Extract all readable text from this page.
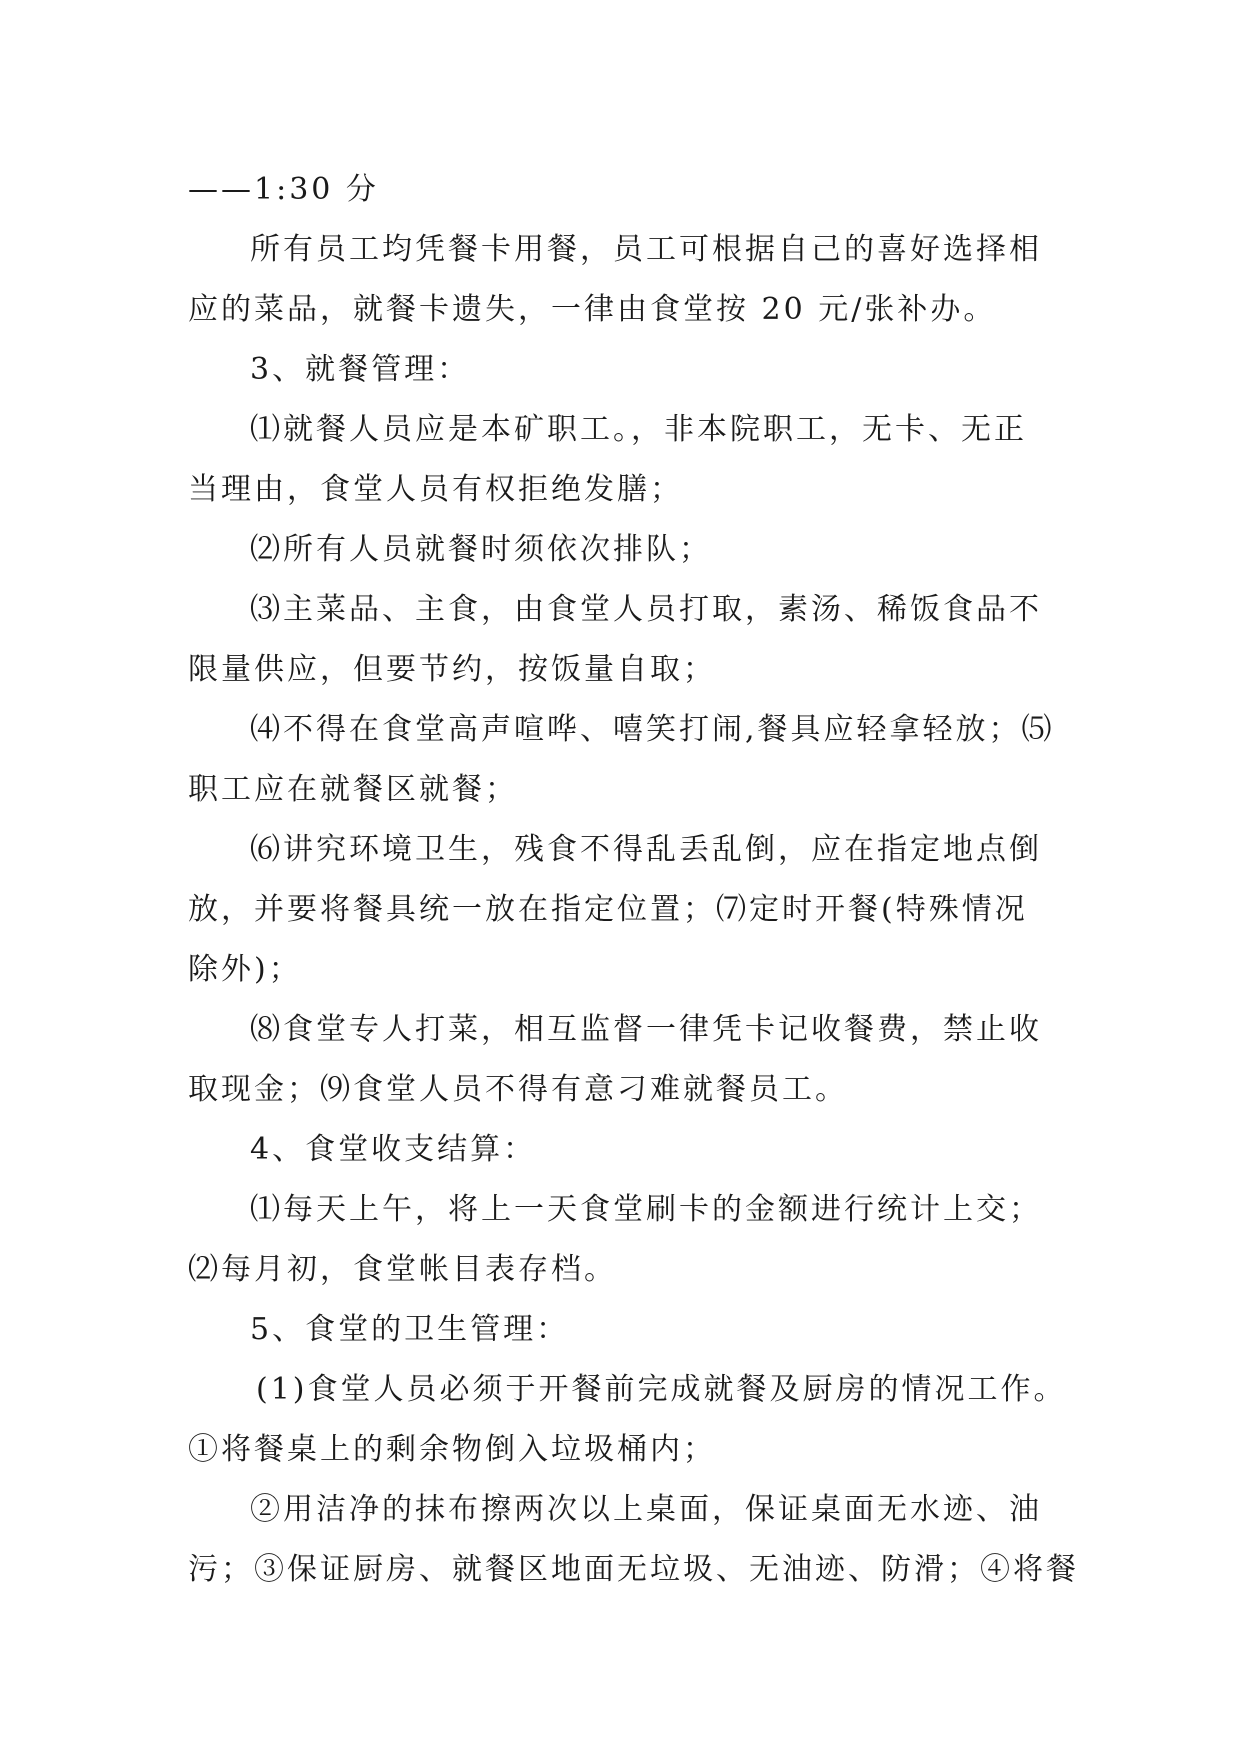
——1:30 分
所有员工均凭餐卡用餐，员工可根据自己的喜好选择相
应的菜品，就餐卡遗失，一律由食堂按 20 元/张补办。
3、就餐管理：
⑴就餐人员应是本矿职工。，非本院职工，无卡、无正
当理由，食堂人员有权拒绝发膳；
⑵所有人员就餐时须依次排队；
⑶主菜品、主食，由食堂人员打取，素汤、稀饭食品不
限量供应，但要节约，按饭量自取；
⑷不得在食堂高声喧哗、嘻笑打闹,餐具应轻拿轻放；⑸
职工应在就餐区就餐；
⑹讲究环境卫生，残食不得乱丢乱倒，应在指定地点倒
放，并要将餐具统一放在指定位置；⑺定时开餐(特殊情况
除外)；
⑻食堂专人打菜，相互监督一律凭卡记收餐费，禁止收
取现金；⑼食堂人员不得有意刁难就餐员工。
4、食堂收支结算：
⑴每天上午，将上一天食堂刷卡的金额进行统计上交；
⑵每月初，食堂帐目表存档。
5、食堂的卫生管理：
(1)食堂人员必须于开餐前完成就餐及厨房的情况工作。
①将餐桌上的剩余物倒入垃圾桶内；
②用洁净的抹布擦两次以上桌面，保证桌面无水迹、油
污；③保证厨房、就餐区地面无垃圾、无油迹、防滑；④将餐
